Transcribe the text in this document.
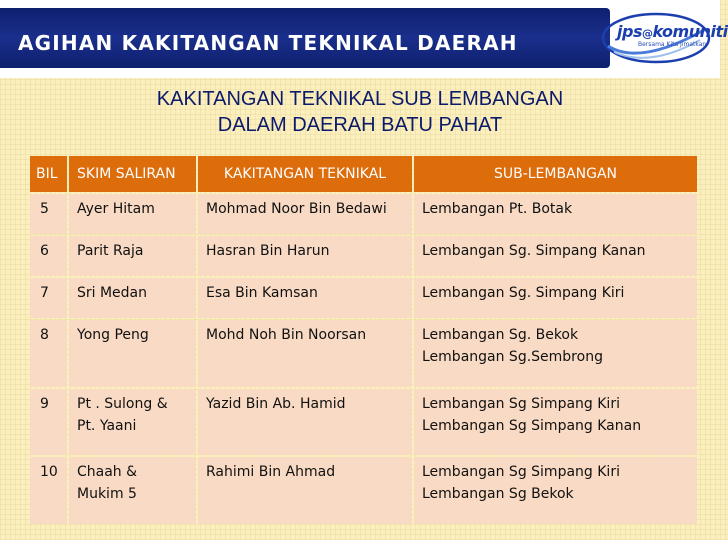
AGIHAN KAKITANGAN TEKNIKAL DAERAH	jps@komuniti
Bersama Kita Jimatkan
KAKITANGAN TEKNIKAL SUB LEMBANGAN
DALAM DAERAH BATU PAHAT
BIL	SKIM SALIRAN	KAKITANGAN TEKNIKAL	SUB-LEMBANGAN
5	Ayer Hitam	Mohmad Noor Bin Bedawi	Lembangan Pt. Botak

6	Parit Raja	Hasran Bin Harun	Lembangan Sg. Simpang Kanan

7	Sri Medan	Esa Bin Kamsan	Lembangan Sg. Simpang Kiri

8	Yong Peng	Mohd Noh Bin Noorsan	Lembangan Sg. Bekok
Lembangan Sg.Sembrong

9	Pt . Sulong &
Pt. Yaani	Yazid Bin Ab. Hamid	Lembangan Sg Simpang Kiri
Lembangan Sg Simpang Kanan

10	Chaah &
Mukim 5	Rahimi Bin Ahmad	Lembangan Sg Simpang Kiri
Lembangan Sg Bekok
